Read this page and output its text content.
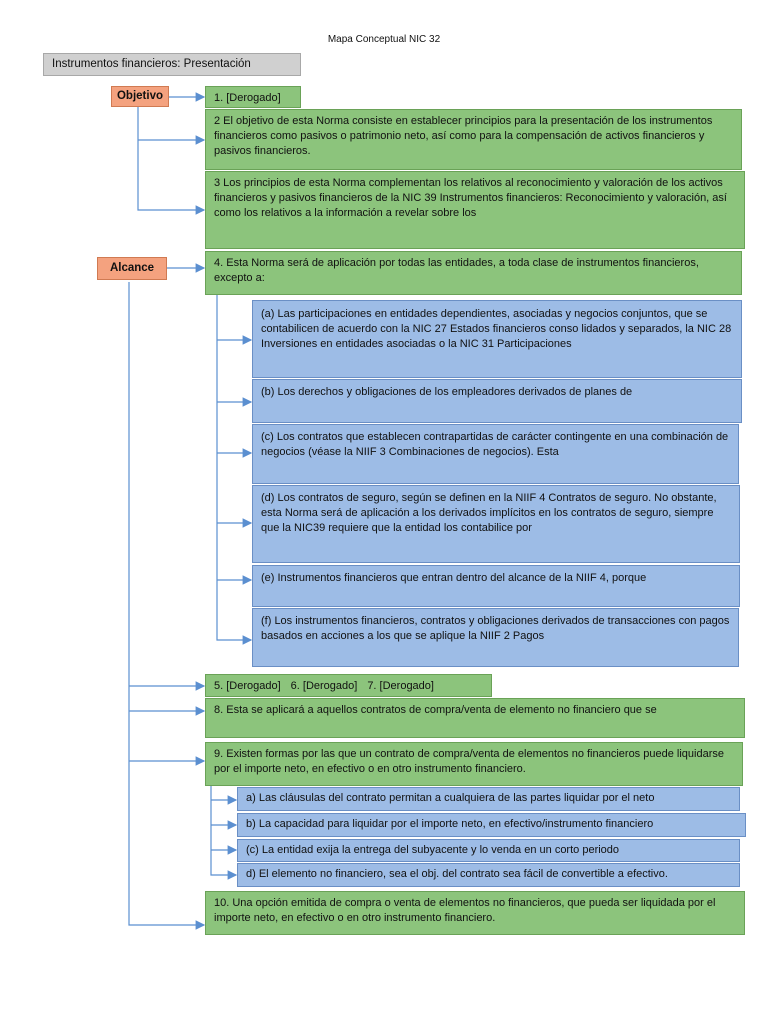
Mapa Conceptual NIC 32
Instrumentos financieros: Presentación
Objetivo	1. [Derogado]
2 El objetivo de esta Norma consiste en establecer principios para la presentación de los instrumentos financieros como pasivos o patrimonio neto, así como para la compensación de activos financieros y pasivos financieros.
3 Los principios de esta Norma complementan los relativos al reconocimiento y valoración de los activos financieros y pasivos financieros de la NIC 39 Instrumentos financieros: Reconocimiento y valoración, así como los relativos a la información a revelar sobre los
Alcance	4. Esta Norma será de aplicación por todas las entidades, a toda clase de instrumentos financieros, excepto a:
(a) Las participaciones en entidades dependientes, asociadas y negocios conjuntos, que se contabilicen de acuerdo con la NIC 27 Estados financieros conso lidados y separados, la NIC 28 Inversiones en entidades asociadas o la NIC 31 Participaciones
(b) Los derechos y obligaciones de los empleadores derivados de planes de
(c) Los contratos que establecen contrapartidas de carácter contingente en una combinación de negocios (véase la NIIF 3 Combinaciones de negocios). Esta
(d) Los contratos de seguro, según se definen en la NIIF 4 Contratos de seguro. No obstante, esta Norma será de aplicación a los derivados implícitos en los contratos de seguro, siempre que la NIC39 requiere que la entidad los contabilice por
(e) Instrumentos financieros que entran dentro del alcance de la NIIF 4, porque
(f) Los instrumentos financieros, contratos y obligaciones derivados de transacciones con pagos basados en acciones a los que se aplique la NIIF 2 Pagos
5. [Derogado] 6. [Derogado] 7. [Derogado]
8. Esta se aplicará a aquellos contratos de compra/venta de elemento no financiero que se
9. Existen formas por las que un contrato de compra/venta de elementos no financieros puede liquidarse por el importe neto, en efectivo o en otro instrumento financiero.
a) Las cláusulas del contrato permitan a cualquiera de las partes liquidar por el neto
b) La capacidad para liquidar por el importe neto, en efectivo/instrumento financiero
(c) La entidad exija la entrega del subyacente y lo venda en un corto periodo
d) El elemento no financiero, sea el obj. del contrato sea fácil de convertible a efectivo.
10. Una opción emitida de compra o venta de elementos no financieros, que pueda ser liquidada por el importe neto, en efectivo o en otro instrumento financiero.
